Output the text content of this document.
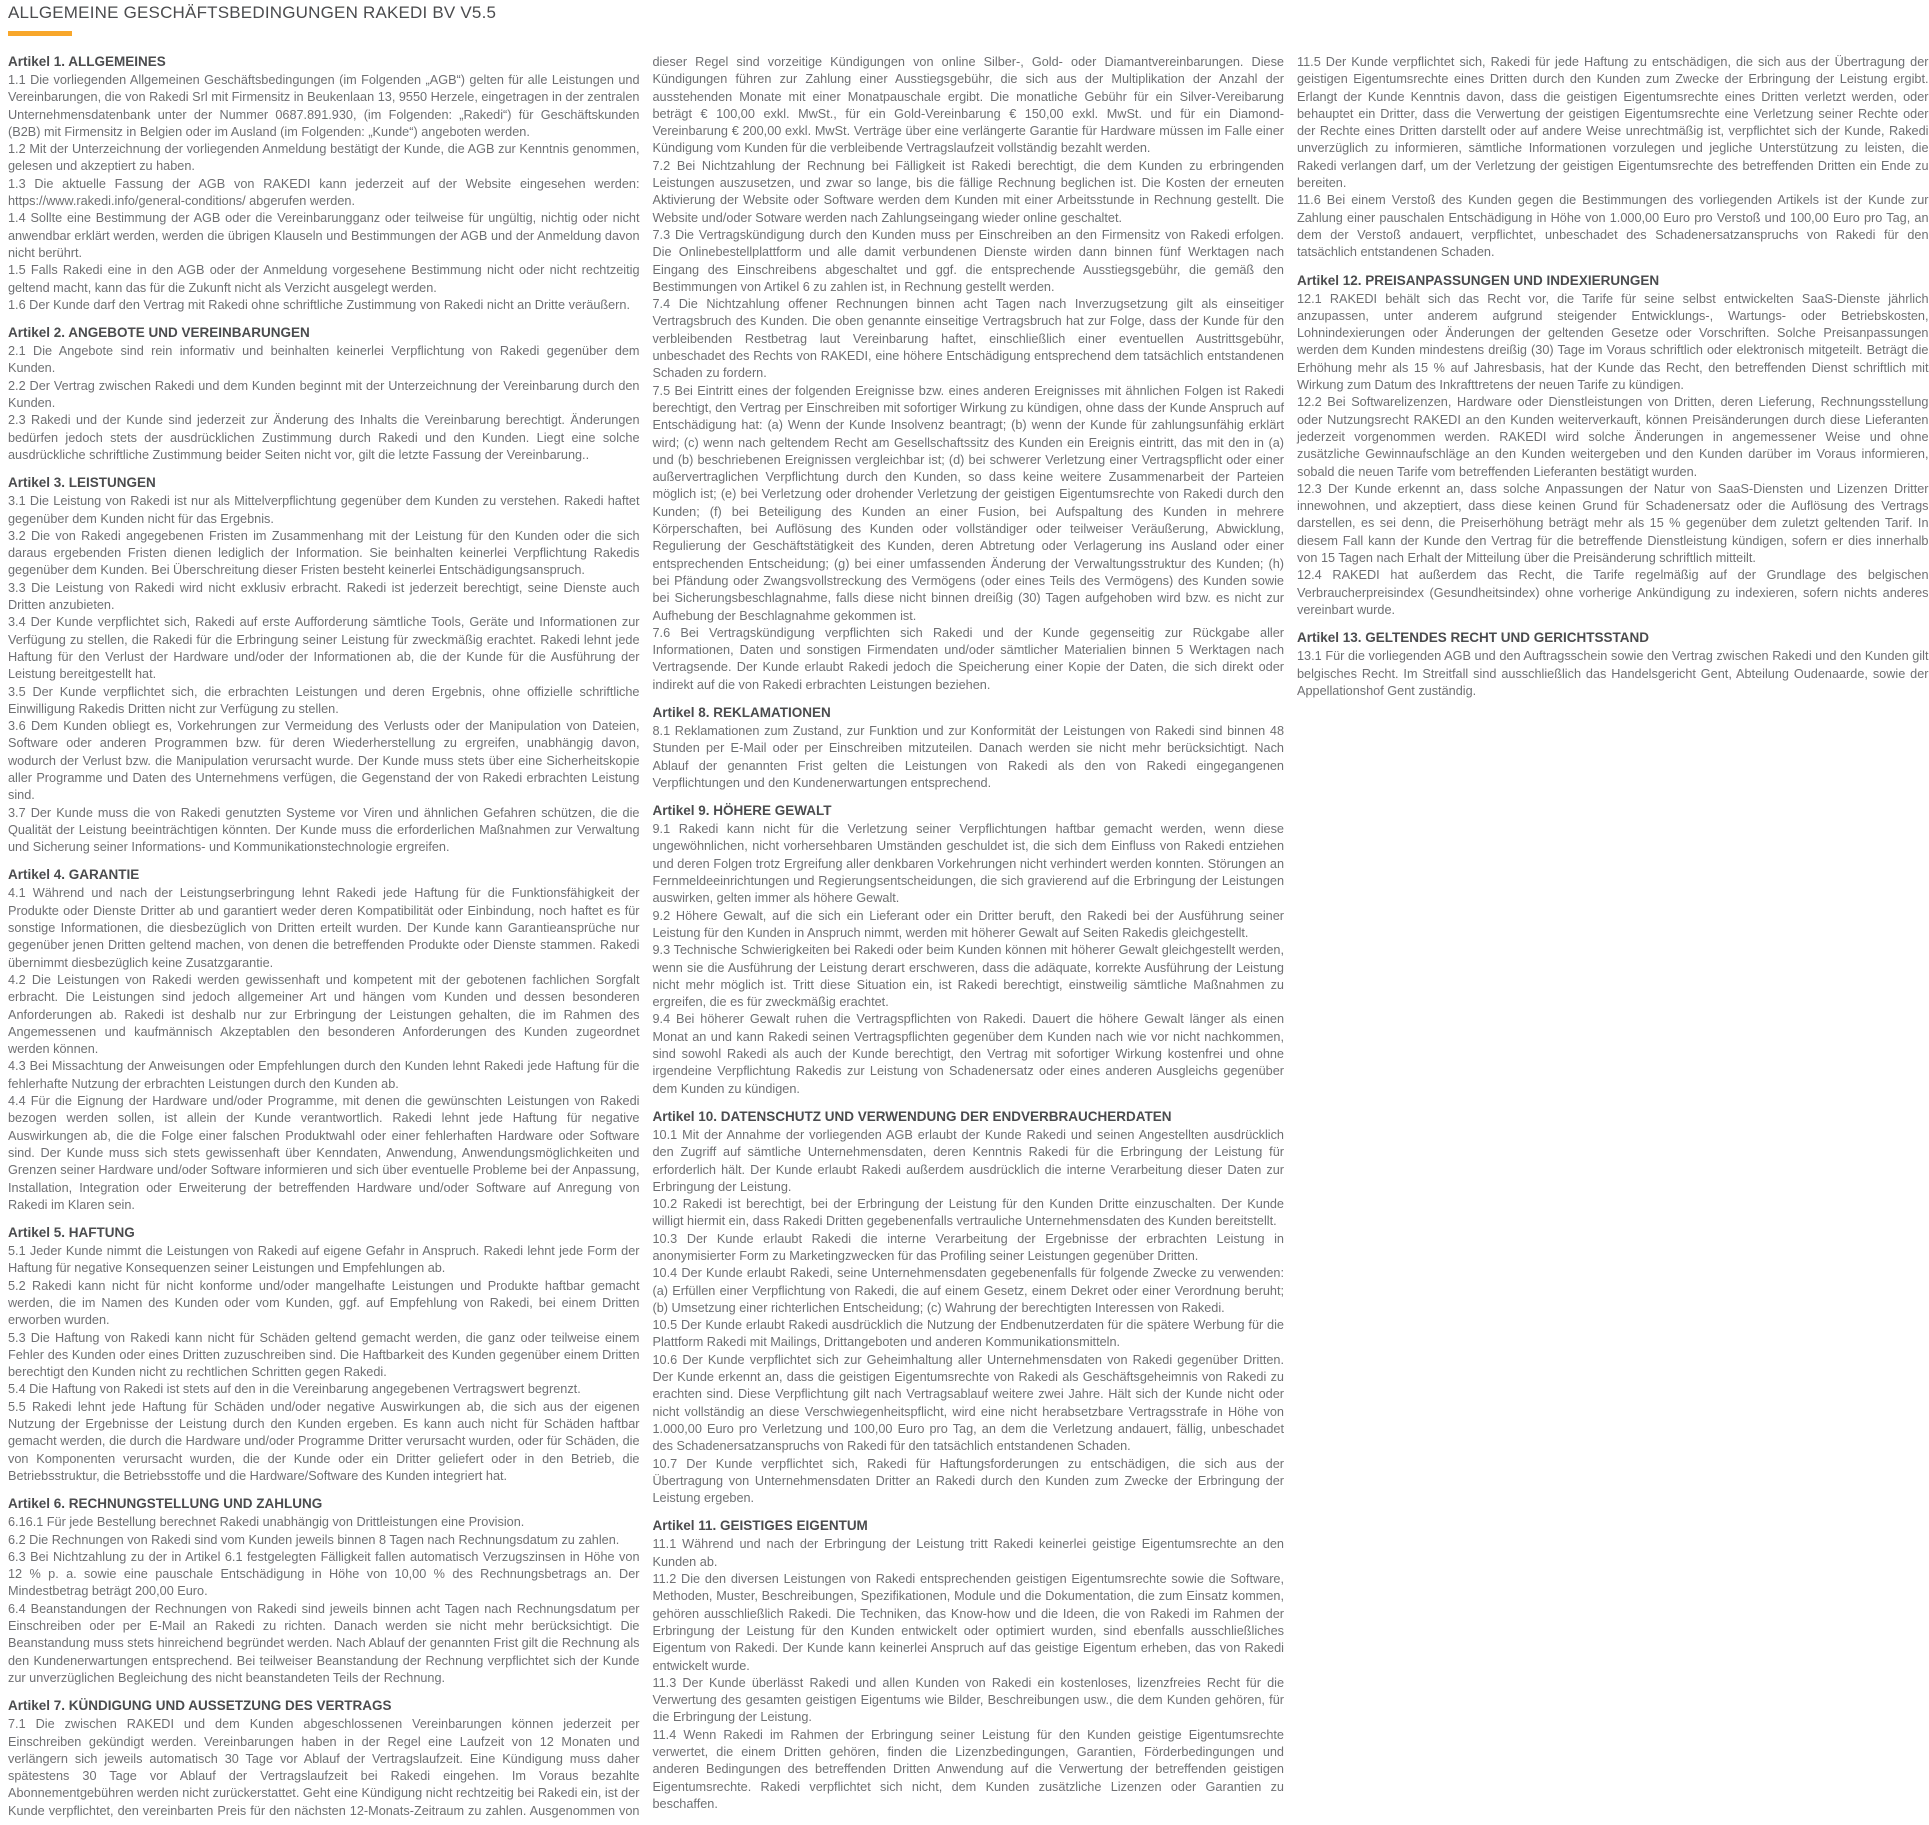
ALLGEMEINE GESCHÄFTSBEDINGUNGEN RAKEDI BV V5.5
Artikel 1. ALLGEMEINES

1.1 Die vorliegenden Allgemeinen Geschäftsbedingungen (im Folgenden „AGB“) gelten für alle Leistungen und Vereinbarungen, die von Rakedi Srl mit Firmensitz in Beukenlaan 13, 9550 Herzele, eingetragen in der zentralen Unternehmensdatenbank unter der Nummer 0687.891.930, (im Folgenden: „Rakedi“) für Geschäftskunden (B2B) mit Firmensitz in Belgien oder im Ausland (im Folgenden: „Kunde“) angeboten werden.

1.2 Mit der Unterzeichnung der vorliegenden Anmeldung bestätigt der Kunde, die AGB zur Kenntnis genommen, gelesen und akzeptiert zu haben.

1.3 Die aktuelle Fassung der AGB von RAKEDI kann jederzeit auf der Website eingesehen werden: https://www.rakedi.info/general-conditions/ abgerufen werden.

1.4 Sollte eine Bestimmung der AGB oder die Vereinbarungganz oder teilweise für ungültig, nichtig oder nicht anwendbar erklärt werden, werden die übrigen Klauseln und Bestimmungen der AGB und der Anmeldung davon nicht berührt.

1.5 Falls Rakedi eine in den AGB oder der Anmeldung vorgesehene Bestimmung nicht oder nicht rechtzeitig geltend macht, kann das für die Zukunft nicht als Verzicht ausgelegt werden.

1.6 Der Kunde darf den Vertrag mit Rakedi ohne schriftliche Zustimmung von Rakedi nicht an Dritte veräußern.

Artikel 2. ANGEBOTE UND VEREINBARUNGEN

2.1 Die Angebote sind rein informativ und beinhalten keinerlei Verpflichtung von Rakedi gegenüber dem Kunden.

2.2 Der Vertrag zwischen Rakedi und dem Kunden beginnt mit der Unterzeichnung der Vereinbarung durch den Kunden.

2.3 Rakedi und der Kunde sind jederzeit zur Änderung des Inhalts die Vereinbarung berechtigt. Änderungen bedürfen jedoch stets der ausdrücklichen Zustimmung durch Rakedi und den Kunden. Liegt eine solche ausdrückliche schriftliche Zustimmung beider Seiten nicht vor, gilt die letzte Fassung der Vereinbarung..

Artikel 3. LEISTUNGEN

3.1 Die Leistung von Rakedi ist nur als Mittelverpflichtung gegenüber dem Kunden zu verstehen. Rakedi haftet gegenüber dem Kunden nicht für das Ergebnis.

3.2 Die von Rakedi angegebenen Fristen im Zusammenhang mit der Leistung für den Kunden oder die sich daraus ergebenden Fristen dienen lediglich der Information. Sie beinhalten keinerlei Verpflichtung Rakedis gegenüber dem Kunden. Bei Überschreitung dieser Fristen besteht keinerlei Entschädigungsanspruch.

3.3 Die Leistung von Rakedi wird nicht exklusiv erbracht. Rakedi ist jederzeit berechtigt, seine Dienste auch Dritten anzubieten.

3.4 Der Kunde verpflichtet sich, Rakedi auf erste Aufforderung sämtliche Tools, Geräte und Informationen zur Verfügung zu stellen, die Rakedi für die Erbringung seiner Leistung für zweckmäßig erachtet. Rakedi lehnt jede Haftung für den Verlust der Hardware und/oder der Informationen ab, die der Kunde für die Ausführung der Leistung bereitgestellt hat.

3.5 Der Kunde verpflichtet sich, die erbrachten Leistungen und deren Ergebnis, ohne offizielle schriftliche Einwilligung Rakedis Dritten nicht zur Verfügung zu stellen.

3.6 Dem Kunden obliegt es, Vorkehrungen zur Vermeidung des Verlusts oder der Manipulation von Dateien, Software oder anderen Programmen bzw. für deren Wiederherstellung zu ergreifen, unabhängig davon, wodurch der Verlust bzw. die Manipulation verursacht wurde. Der Kunde muss stets über eine Sicherheitskopie aller Programme und Daten des Unternehmens verfügen, die Gegenstand der von Rakedi erbrachten Leistung sind.

3.7 Der Kunde muss die von Rakedi genutzten Systeme vor Viren und ähnlichen Gefahren schützen, die die Qualität der Leistung beeinträchtigen könnten. Der Kunde muss die erforderlichen Maßnahmen zur Verwaltung und Sicherung seiner Informations- und Kommunikationstechnologie ergreifen.

Artikel 4. GARANTIE

4.1 Während und nach der Leistungserbringung lehnt Rakedi jede Haftung für die Funktionsfähigkeit der Produkte oder Dienste Dritter ab und garantiert weder deren Kompatibilität oder Einbindung, noch haftet es für sonstige Informationen, die diesbezüglich von Dritten erteilt wurden. Der Kunde kann Garantieansprüche nur gegenüber jenen Dritten geltend machen, von denen die betreffenden Produkte oder Dienste stammen. Rakedi übernimmt diesbezüglich keine Zusatzgarantie.

4.2 Die Leistungen von Rakedi werden gewissenhaft und kompetent mit der gebotenen fachlichen Sorgfalt erbracht. Die Leistungen sind jedoch allgemeiner Art und hängen vom Kunden und dessen besonderen Anforderungen ab. Rakedi ist deshalb nur zur Erbringung der Leistungen gehalten, die im Rahmen des Angemessenen und kaufmännisch Akzeptablen den besonderen Anforderungen des Kunden zugeordnet werden können.

4.3 Bei Missachtung der Anweisungen oder Empfehlungen durch den Kunden lehnt Rakedi jede Haftung für die fehlerhafte Nutzung der erbrachten Leistungen durch den Kunden ab.

4.4 Für die Eignung der Hardware und/oder Programme, mit denen die gewünschten Leistungen von Rakedi bezogen werden sollen, ist allein der Kunde verantwortlich. Rakedi lehnt jede Haftung für negative Auswirkungen ab, die die Folge einer falschen Produktwahl oder einer fehlerhaften Hardware oder Software sind. Der Kunde muss sich stets gewissenhaft über Kenndaten, Anwendung, Anwendungsmöglichkeiten und Grenzen seiner Hardware und/oder Software informieren und sich über eventuelle Probleme bei der Anpassung, Installation, Integration oder Erweiterung der betreffenden Hardware und/oder Software auf Anregung von Rakedi im Klaren sein.

Artikel 5. HAFTUNG

5.1 Jeder Kunde nimmt die Leistungen von Rakedi auf eigene Gefahr in Anspruch. Rakedi lehnt jede Form der Haftung für negative Konsequenzen seiner Leistungen und Empfehlungen ab.

5.2 Rakedi kann nicht für nicht konforme und/oder mangelhafte Leistungen und Produkte haftbar gemacht werden, die im Namen des Kunden oder vom Kunden, ggf. auf Empfehlung von Rakedi, bei einem Dritten erworben wurden.

5.3 Die Haftung von Rakedi kann nicht für Schäden geltend gemacht werden, die ganz oder teilweise einem Fehler des Kunden oder eines Dritten zuzuschreiben sind. Die Haftbarkeit des Kunden gegenüber einem Dritten berechtigt den Kunden nicht zu rechtlichen Schritten gegen Rakedi.

5.4 Die Haftung von Rakedi ist stets auf den in die Vereinbarung angegebenen Vertragswert begrenzt.

5.5 Rakedi lehnt jede Haftung für Schäden und/oder negative Auswirkungen ab, die sich aus der eigenen Nutzung der Ergebnisse der Leistung durch den Kunden ergeben. Es kann auch nicht für Schäden haftbar gemacht werden, die durch die Hardware und/oder Programme Dritter verursacht wurden, oder für Schäden, die von Komponenten verursacht wurden, die der Kunde oder ein Dritter geliefert oder in den Betrieb, die Betriebsstruktur, die Betriebsstoffe und die Hardware/Software des Kunden integriert hat.

Artikel 6. RECHNUNGSTELLUNG UND ZAHLUNG

6.16.1 Für jede Bestellung berechnet Rakedi unabhängig von Drittleistungen eine Provision.

6.2 Die Rechnungen von Rakedi sind vom Kunden jeweils binnen 8 Tagen nach Rechnungsdatum zu zahlen.

6.3 Bei Nichtzahlung zu der in Artikel 6.1 festgelegten Fälligkeit fallen automatisch Verzugszinsen in Höhe von 12 % p. a. sowie eine pauschale Entschädigung in Höhe von 10,00 % des Rechnungsbetrags an. Der Mindestbetrag beträgt 200,00 Euro.

6.4 Beanstandungen der Rechnungen von Rakedi sind jeweils binnen acht Tagen nach Rechnungsdatum per Einschreiben oder per E-Mail an Rakedi zu richten. Danach werden sie nicht mehr berücksichtigt. Die Beanstandung muss stets hinreichend begründet werden. Nach Ablauf der genannten Frist gilt die Rechnung als den Kundenerwartungen entsprechend. Bei teilweiser Beanstandung der Rechnung verpflichtet sich der Kunde zur unverzüglichen Begleichung des nicht beanstandeten Teils der Rechnung.

Artikel 7. KÜNDIGUNG UND AUSSETZUNG DES VERTRAGS

7.1 Die zwischen RAKEDI und dem Kunden abgeschlossenen Vereinbarungen können jederzeit per Einschreiben gekündigt werden. Vereinbarungen haben in der Regel eine Laufzeit von 12 Monaten und verlängern sich jeweils automatisch 30 Tage vor Ablauf der Vertragslaufzeit. Eine Kündigung muss daher spätestens 30 Tage vor Ablauf der Vertragslaufzeit bei Rakedi eingehen. Im Voraus bezahlte Abonnementgebühren werden nicht zurückerstattet. Geht eine Kündigung nicht rechtzeitig bei Rakedi ein, ist der Kunde verpflichtet, den vereinbarten Preis für den nächsten 12-Monats-Zeitraum zu zahlen. Ausgenommen von dieser Regel sind vorzeitige Kündigungen von online Silber-, Gold- oder Diamantvereinbarungen. Diese Kündigungen führen zur Zahlung einer Ausstiegsgebühr, die sich aus der Multiplikation der Anzahl der ausstehenden Monate mit einer Monatpauschale ergibt. Die monatliche Gebühr für ein Silver-Vereibarung beträgt € 100,00 exkl. MwSt., für ein Gold-Vereinbarung € 150,00 exkl. MwSt. und für ein Diamond-Vereinbarung € 200,00 exkl. MwSt. Verträge über eine verlängerte Garantie für Hardware müssen im Falle einer Kündigung vom Kunden für die verbleibende Vertragslaufzeit vollständig bezahlt werden.

7.2 Bei Nichtzahlung der Rechnung bei Fälligkeit ist Rakedi berechtigt, die dem Kunden zu erbringenden Leistungen auszusetzen, und zwar so lange, bis die fällige Rechnung beglichen ist. Die Kosten der erneuten Aktivierung der Website oder Software werden dem Kunden mit einer Arbeitsstunde in Rechnung gestellt. Die Website und/oder Sotware werden nach Zahlungseingang wieder online geschaltet.

7.3 Die Vertragskündigung durch den Kunden muss per Einschreiben an den Firmensitz von Rakedi erfolgen. Die Onlinebestellplattform und alle damit verbundenen Dienste wirden dann binnen fünf Werktagen nach Eingang des Einschreibens abgeschaltet und ggf. die entsprechende Ausstiegsgebühr, die gemäß den Bestimmungen von Artikel 6 zu zahlen ist, in Rechnung gestellt werden.

7.4 Die Nichtzahlung offener Rechnungen binnen acht Tagen nach Inverzugsetzung gilt als einseitiger Vertragsbruch des Kunden. Die oben genannte einseitige Vertragsbruch hat zur Folge, dass der Kunde für den verbleibenden Restbetrag laut Vereinbarung haftet, einschließlich einer eventuellen Austrittsgebühr, unbeschadet des Rechts von RAKEDI, eine höhere Entschädigung entsprechend dem tatsächlich entstandenen Schaden zu fordern.

7.5 Bei Eintritt eines der folgenden Ereignisse bzw. eines anderen Ereignisses mit ähnlichen Folgen ist Rakedi berechtigt, den Vertrag per Einschreiben mit sofortiger Wirkung zu kündigen, ohne dass der Kunde Anspruch auf Entschädigung hat: (a) Wenn der Kunde Insolvenz beantragt; (b) wenn der Kunde für zahlungsunfähig erklärt wird; (c) wenn nach geltendem Recht am Gesellschaftssitz des Kunden ein Ereignis eintritt, das mit den in (a) und (b) beschriebenen Ereignissen vergleichbar ist; (d) bei schwerer Verletzung einer Vertragspflicht oder einer außervertraglichen Verpflichtung durch den Kunden, so dass keine weitere Zusammenarbeit der Parteien möglich ist; (e) bei Verletzung oder drohender Verletzung der geistigen Eigentumsrechte von Rakedi durch den Kunden; (f) bei Beteiligung des Kunden an einer Fusion, bei Aufspaltung des Kunden in mehrere Körperschaften, bei Auflösung des Kunden oder vollständiger oder teilweiser Veräußerung, Abwicklung, Regulierung der Geschäftstätigkeit des Kunden, deren Abtretung oder Verlagerung ins Ausland oder einer entsprechenden Entscheidung; (g) bei einer umfassenden Änderung der Verwaltungsstruktur des Kunden; (h) bei Pfändung oder Zwangsvollstreckung des Vermögens (oder eines Teils des Vermögens) des Kunden sowie bei Sicherungsbeschlagnahme, falls diese nicht binnen dreißig (30) Tagen aufgehoben wird bzw. es nicht zur Aufhebung der Beschlagnahme gekommen ist.

7.6 Bei Vertragskündigung verpflichten sich Rakedi und der Kunde gegenseitig zur Rückgabe aller Informationen, Daten und sonstigen Firmendaten und/oder sämtlicher Materialien binnen 5 Werktagen nach Vertragsende. Der Kunde erlaubt Rakedi jedoch die Speicherung einer Kopie der Daten, die sich direkt oder indirekt auf die von Rakedi erbrachten Leistungen beziehen.

Artikel 8. REKLAMATIONEN

8.1 Reklamationen zum Zustand, zur Funktion und zur Konformität der Leistungen von Rakedi sind binnen 48 Stunden per E-Mail oder per Einschreiben mitzuteilen. Danach werden sie nicht mehr berücksichtigt. Nach Ablauf der genannten Frist gelten die Leistungen von Rakedi als den von Rakedi eingegangenen Verpflichtungen und den Kundenerwartungen entsprechend.

Artikel 9. HÖHERE GEWALT

9.1 Rakedi kann nicht für die Verletzung seiner Verpflichtungen haftbar gemacht werden, wenn diese ungewöhnlichen, nicht vorhersehbaren Umständen geschuldet ist, die sich dem Einfluss von Rakedi entziehen und deren Folgen trotz Ergreifung aller denkbaren Vorkehrungen nicht verhindert werden konnten. Störungen an Fernmeldeeinrichtungen und Regierungsentscheidungen, die sich gravierend auf die Erbringung der Leistungen auswirken, gelten immer als höhere Gewalt.

9.2 Höhere Gewalt, auf die sich ein Lieferant oder ein Dritter beruft, den Rakedi bei der Ausführung seiner Leistung für den Kunden in Anspruch nimmt, werden mit höherer Gewalt auf Seiten Rakedis gleichgestellt.

9.3 Technische Schwierigkeiten bei Rakedi oder beim Kunden können mit höherer Gewalt gleichgestellt werden, wenn sie die Ausführung der Leistung derart erschweren, dass die adäquate, korrekte Ausführung der Leistung nicht mehr möglich ist. Tritt diese Situation ein, ist Rakedi berechtigt, einstweilig sämtliche Maßnahmen zu ergreifen, die es für zweckmäßig erachtet.

9.4 Bei höherer Gewalt ruhen die Vertragspflichten von Rakedi. Dauert die höhere Gewalt länger als einen Monat an und kann Rakedi seinen Vertragspflichten gegenüber dem Kunden nach wie vor nicht nachkommen, sind sowohl Rakedi als auch der Kunde berechtigt, den Vertrag mit sofortiger Wirkung kostenfrei und ohne irgendeine Verpflichtung Rakedis zur Leistung von Schadenersatz oder eines anderen Ausgleichs gegenüber dem Kunden zu kündigen.

Artikel 10. DATENSCHUTZ UND VERWENDUNG DER ENDVERBRAUCHERDATEN

10.1 Mit der Annahme der vorliegenden AGB erlaubt der Kunde Rakedi und seinen Angestellten ausdrücklich den Zugriff auf sämtliche Unternehmensdaten, deren Kenntnis Rakedi für die Erbringung der Leistung für erforderlich hält. Der Kunde erlaubt Rakedi außerdem ausdrücklich die interne Verarbeitung dieser Daten zur Erbringung der Leistung.

10.2 Rakedi ist berechtigt, bei der Erbringung der Leistung für den Kunden Dritte einzuschalten. Der Kunde willigt hiermit ein, dass Rakedi Dritten gegebenenfalls vertrauliche Unternehmensdaten des Kunden bereitstellt.

10.3 Der Kunde erlaubt Rakedi die interne Verarbeitung der Ergebnisse der erbrachten Leistung in anonymisierter Form zu Marketingzwecken für das Profiling seiner Leistungen gegenüber Dritten.

10.4 Der Kunde erlaubt Rakedi, seine Unternehmensdaten gegebenenfalls für folgende Zwecke zu verwenden: (a) Erfüllen einer Verpflichtung von Rakedi, die auf einem Gesetz, einem Dekret oder einer Verordnung beruht; (b) Umsetzung einer richterlichen Entscheidung; (c) Wahrung der berechtigten Interessen von Rakedi.

10.5 Der Kunde erlaubt Rakedi ausdrücklich die Nutzung der Endbenutzerdaten für die spätere Werbung für die Plattform Rakedi mit Mailings, Drittangeboten und anderen Kommunikationsmitteln.

10.6 Der Kunde verpflichtet sich zur Geheimhaltung aller Unternehmensdaten von Rakedi gegenüber Dritten. Der Kunde erkennt an, dass die geistigen Eigentumsrechte von Rakedi als Geschäftsgeheimnis von Rakedi zu erachten sind. Diese Verpflichtung gilt nach Vertragsablauf weitere zwei Jahre. Hält sich der Kunde nicht oder nicht vollständig an diese Verschwiegenheitspflicht, wird eine nicht herabsetzbare Vertragsstrafe in Höhe von 1.000,00 Euro pro Verletzung und 100,00 Euro pro Tag, an dem die Verletzung andauert, fällig, unbeschadet des Schadenersatzanspruchs von Rakedi für den tatsächlich entstandenen Schaden.

10.7 Der Kunde verpflichtet sich, Rakedi für Haftungsforderungen zu entschädigen, die sich aus der Übertragung von Unternehmensdaten Dritter an Rakedi durch den Kunden zum Zwecke der Erbringung der Leistung ergeben.

Artikel 11. GEISTIGES EIGENTUM

11.1 Während und nach der Erbringung der Leistung tritt Rakedi keinerlei geistige Eigentumsrechte an den Kunden ab.

11.2 Die den diversen Leistungen von Rakedi entsprechenden geistigen Eigentumsrechte sowie die Software, Methoden, Muster, Beschreibungen, Spezifikationen, Module und die Dokumentation, die zum Einsatz kommen, gehören ausschließlich Rakedi. Die Techniken, das Know-how und die Ideen, die von Rakedi im Rahmen der Erbringung der Leistung für den Kunden entwickelt oder optimiert wurden, sind ebenfalls ausschließliches Eigentum von Rakedi. Der Kunde kann keinerlei Anspruch auf das geistige Eigentum erheben, das von Rakedi entwickelt wurde.

11.3 Der Kunde überlässt Rakedi und allen Kunden von Rakedi ein kostenloses, lizenzfreies Recht für die Verwertung des gesamten geistigen Eigentums wie Bilder, Beschreibungen usw., die dem Kunden gehören, für die Erbringung der Leistung.

11.4 Wenn Rakedi im Rahmen der Erbringung seiner Leistung für den Kunden geistige Eigentumsrechte verwertet, die einem Dritten gehören, finden die Lizenzbedingungen, Garantien, Förderbedingungen und anderen Bedingungen des betreffenden Dritten Anwendung auf die Verwertung der betreffenden geistigen Eigentumsrechte. Rakedi verpflichtet sich nicht, dem Kunden zusätzliche Lizenzen oder Garantien zu beschaffen.

11.5 Der Kunde verpflichtet sich, Rakedi für jede Haftung zu entschädigen, die sich aus der Übertragung der geistigen Eigentumsrechte eines Dritten durch den Kunden zum Zwecke der Erbringung der Leistung ergibt. Erlangt der Kunde Kenntnis davon, dass die geistigen Eigentumsrechte eines Dritten verletzt werden, oder behauptet ein Dritter, dass die Verwertung der geistigen Eigentumsrechte eine Verletzung seiner Rechte oder der Rechte eines Dritten darstellt oder auf andere Weise unrechtmäßig ist, verpflichtet sich der Kunde, Rakedi unverzüglich zu informieren, sämtliche Informationen vorzulegen und jegliche Unterstützung zu leisten, die Rakedi verlangen darf, um der Verletzung der geistigen Eigentumsrechte des betreffenden Dritten ein Ende zu bereiten.

11.6 Bei einem Verstoß des Kunden gegen die Bestimmungen des vorliegenden Artikels ist der Kunde zur Zahlung einer pauschalen Entschädigung in Höhe von 1.000,00 Euro pro Verstoß und 100,00 Euro pro Tag, an dem der Verstoß andauert, verpflichtet, unbeschadet des Schadenersatzanspruchs von Rakedi für den tatsächlich entstandenen Schaden.

Artikel 12. PREISANPASSUNGEN UND INDEXIERUNGEN

12.1 RAKEDI behält sich das Recht vor, die Tarife für seine selbst entwickelten SaaS-Dienste jährlich anzupassen, unter anderem aufgrund steigender Entwicklungs-, Wartungs- oder Betriebskosten, Lohnindexierungen oder Änderungen der geltenden Gesetze oder Vorschriften. Solche Preisanpassungen werden dem Kunden mindestens dreißig (30) Tage im Voraus schriftlich oder elektronisch mitgeteilt. Beträgt die Erhöhung mehr als 15 % auf Jahresbasis, hat der Kunde das Recht, den betreffenden Dienst schriftlich mit Wirkung zum Datum des Inkrafttretens der neuen Tarife zu kündigen.

12.2 Bei Softwarelizenzen, Hardware oder Dienstleistungen von Dritten, deren Lieferung, Rechnungsstellung oder Nutzungsrecht RAKEDI an den Kunden weiterverkauft, können Preisänderungen durch diese Lieferanten jederzeit vorgenommen werden. RAKEDI wird solche Änderungen in angemessener Weise und ohne zusätzliche Gewinnaufschläge an den Kunden weitergeben und den Kunden darüber im Voraus informieren, sobald die neuen Tarife vom betreffenden Lieferanten bestätigt wurden.

12.3 Der Kunde erkennt an, dass solche Anpassungen der Natur von SaaS-Diensten und Lizenzen Dritter innewohnen, und akzeptiert, dass diese keinen Grund für Schadenersatz oder die Auflösung des Vertrags darstellen, es sei denn, die Preiserhöhung beträgt mehr als 15 % gegenüber dem zuletzt geltenden Tarif. In diesem Fall kann der Kunde den Vertrag für die betreffende Dienstleistung kündigen, sofern er dies innerhalb von 15 Tagen nach Erhalt der Mitteilung über die Preisänderung schriftlich mitteilt.

12.4 RAKEDI hat außerdem das Recht, die Tarife regelmäßig auf der Grundlage des belgischen Verbraucherpreisindex (Gesundheitsindex) ohne vorherige Ankündigung zu indexieren, sofern nichts anderes vereinbart wurde.

Artikel 13. GELTENDES RECHT UND GERICHTSSTAND

13.1 Für die vorliegenden AGB und den Auftragsschein sowie den Vertrag zwischen Rakedi und den Kunden gilt belgisches Recht. Im Streitfall sind ausschließlich das Handelsgericht Gent, Abteilung Oudenaarde, sowie der Appellationshof Gent zuständig.
